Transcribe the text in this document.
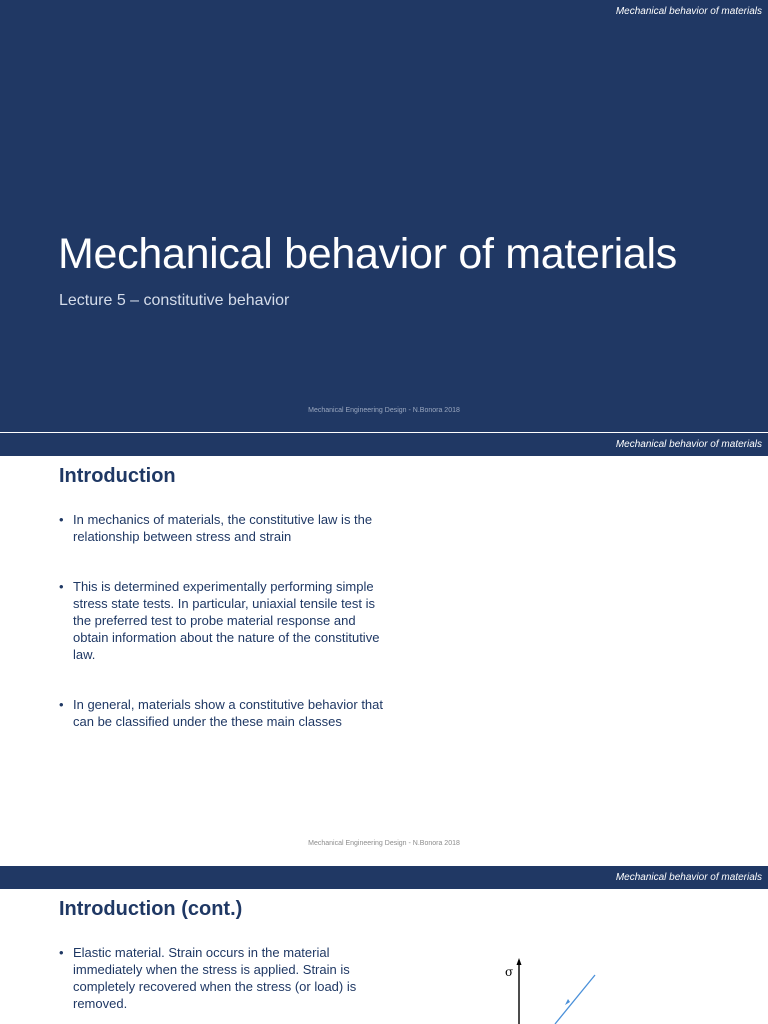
Mechanical behavior of materials
Mechanical behavior of materials
Lecture 5 – constitutive behavior
Mechanical Engineering Design - N.Bonora 2018
Mechanical behavior of materials
Introduction
• In mechanics of materials, the constitutive law is the relationship between stress and strain
• This is determined experimentally performing simple stress state tests. In particular, uniaxial tensile test is the preferred test to probe material response and obtain information about the nature of the constitutive law.
• In general, materials show a constitutive behavior that can be classified under the these main classes
Mechanical Engineering Design - N.Bonora 2018
Mechanical behavior of materials
Introduction (cont.)
• Elastic material. Strain occurs in the material immediately when the stress is applied. Strain is completely recovered when the stress (or load) is removed.
σ
